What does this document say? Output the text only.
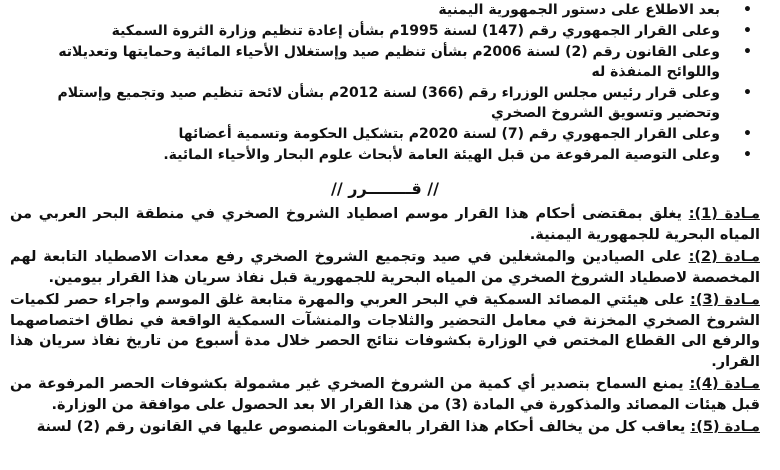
•
بعد الاطلاع على دستور الجمهورية اليمنية
•
وعلى القرار الجمهوري رقم (147) لسنة 1995م بشأن إعادة تنظيم وزارة الثروة السمكية
•
وعلى القانون رقم (2) لسنة 2006م بشأن تنظيم صيد وإستغلال الأحياء المائية وحمايتها وتعديلاته واللوائح المنفذة له
•
وعلى قرار رئيس مجلس الوزراء رقم (366) لسنة 2012م بشأن لائحة تنظيم صيد وتجميع وإستلام وتحضير وتسويق الشروخ الصخري
•
وعلى القرار الجمهوري رقم (7) لسنة 2020م بتشكيل الحكومة وتسمية أعضائها
•
وعلى التوصية المرفوعة من قبل الهيئة العامة لأبحاث علوم البحار والأحياء المائية.
// قــــــــرر //

مـادة (1): يغلق بمقتضى أحكام هذا القرار موسم اصطياد الشروخ الصخري في منطقة البحر العربي من المياه البحرية للجمهورية اليمنية.

مـادة (2): على الصيادين والمشغلين في صيد وتجميع الشروخ الصخري رفع معدات الاصطياد التابعة لهم المخصصة لاصطياد الشروخ الصخري من المياه البحرية للجمهورية قبل نفاذ سريان هذا القرار بيومين.

مـادة (3): على هيئتي المصائد السمكية في البحر العربي والمهرة متابعة غلق الموسم واجراء حصر لكميات الشروخ الصخري المخزنة في معامل التحضير والثلاجات والمنشآت السمكية الواقعة في نطاق اختصاصهما والرفع الى القطاع المختص في الوزارة بكشوفات نتائج الحصر خلال مدة أسبوع من تاريخ نفاذ سريان هذا القرار.

مـادة (4): يمنع السماح بتصدير أي كمية من الشروخ الصخري غير مشمولة بكشوفات الحصر المرفوعة من قبل هيئات المصائد والمذكورة في المادة (3) من هذا القرار الا بعد الحصول على موافقة من الوزارة.

مـادة (5): يعاقب كل من يخالف أحكام هذا القرار بالعقوبات المنصوص عليها في القانون رقم (2) لسنة
